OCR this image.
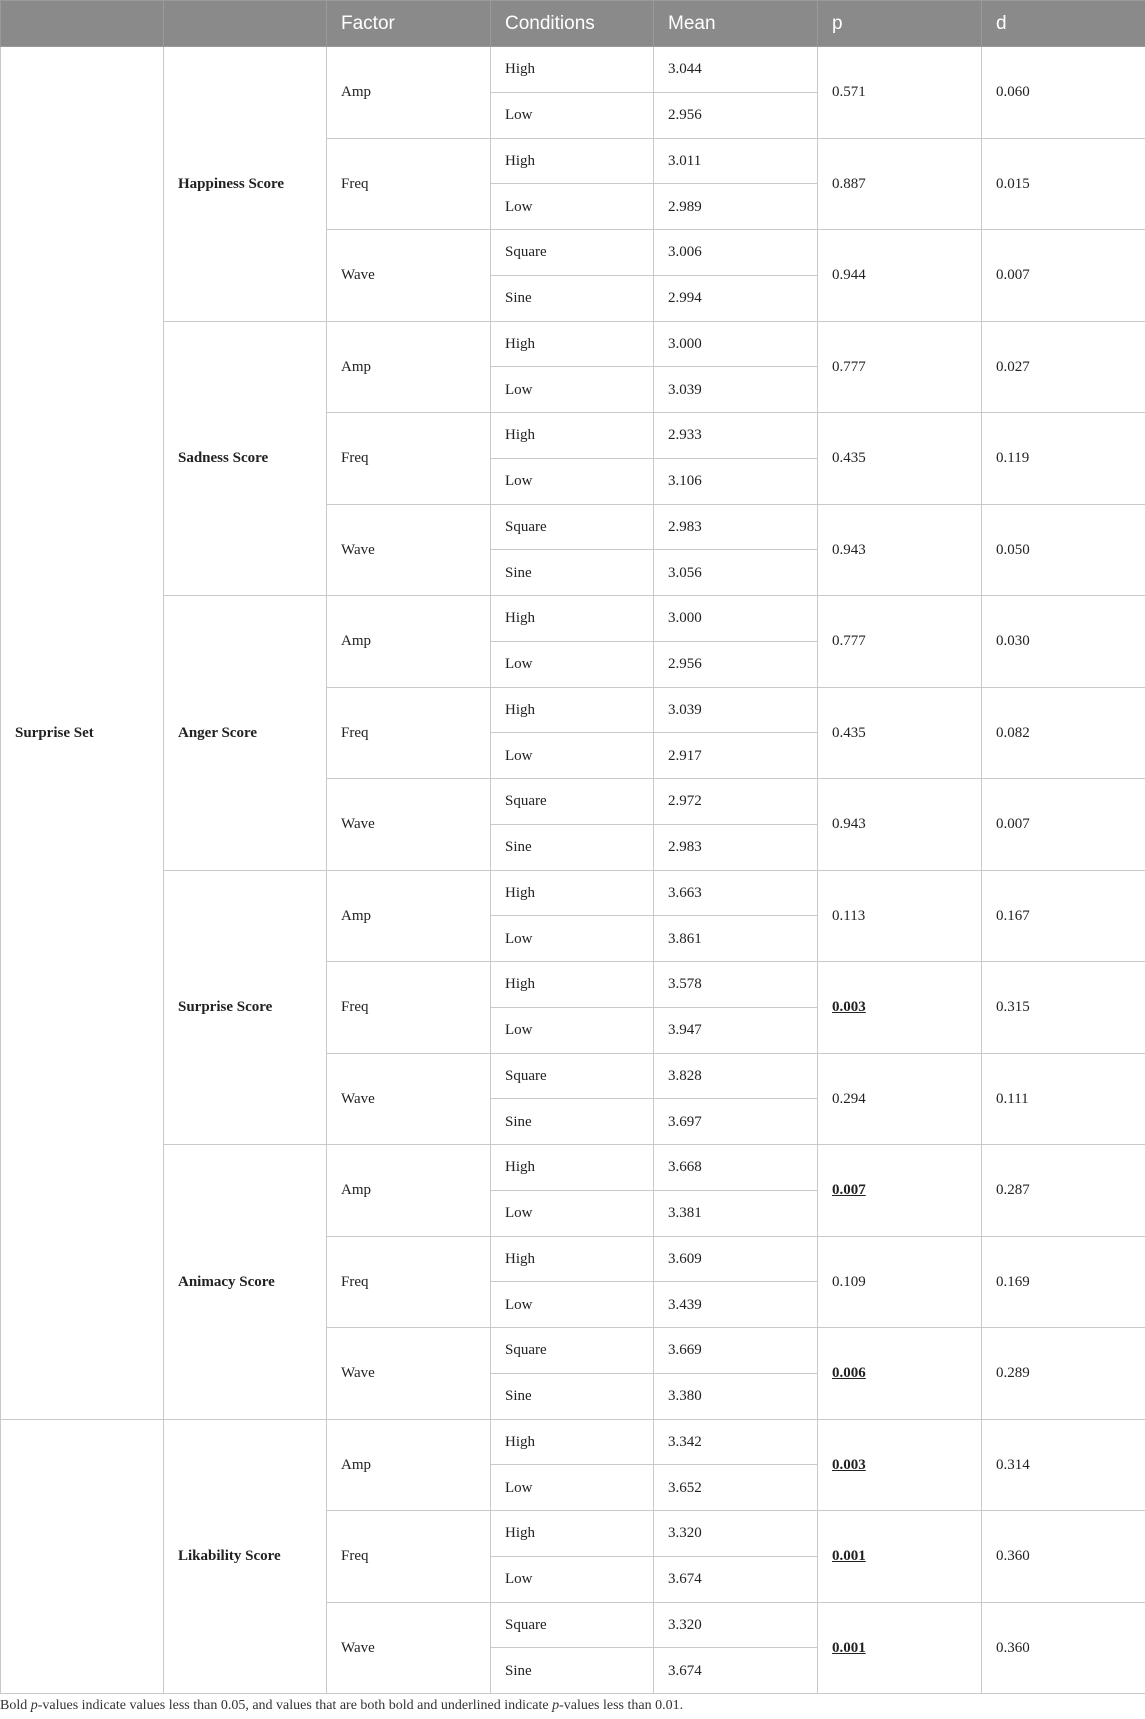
		Factor	Conditions	Mean	p	d
Surprise Set	Happiness Score	Amp	High	3.044	0.571	0.060
			Low	2.956		
		Freq	High	3.011	0.887	0.015
			Low	2.989		
		Wave	Square	3.006	0.944	0.007
			Sine	2.994		
	Sadness Score	Amp	High	3.000	0.777	0.027
			Low	3.039		
		Freq	High	2.933	0.435	0.119
			Low	3.106		
		Wave	Square	2.983	0.943	0.050
			Sine	3.056		
	Anger Score	Amp	High	3.000	0.777	0.030
			Low	2.956		
		Freq	High	3.039	0.435	0.082
			Low	2.917		
		Wave	Square	2.972	0.943	0.007
			Sine	2.983		
	Surprise Score	Amp	High	3.663	0.113	0.167
			Low	3.861		
		Freq	High	3.578	0.003	0.315
			Low	3.947		
		Wave	Square	3.828	0.294	0.111
			Sine	3.697		
	Animacy Score	Amp	High	3.668	0.007	0.287
			Low	3.381		
		Freq	High	3.609	0.109	0.169
			Low	3.439		
		Wave	Square	3.669	0.006	0.289
			Sine	3.380		
	Likability Score	Amp	High	3.342	0.003	0.314
			Low	3.652		
		Freq	High	3.320	0.001	0.360
			Low	3.674		
		Wave	Square	3.320	0.001	0.360
			Sine	3.674		
Bold p-values indicate values less than 0.05, and values that are both bold and underlined indicate p-values less than 0.01.
